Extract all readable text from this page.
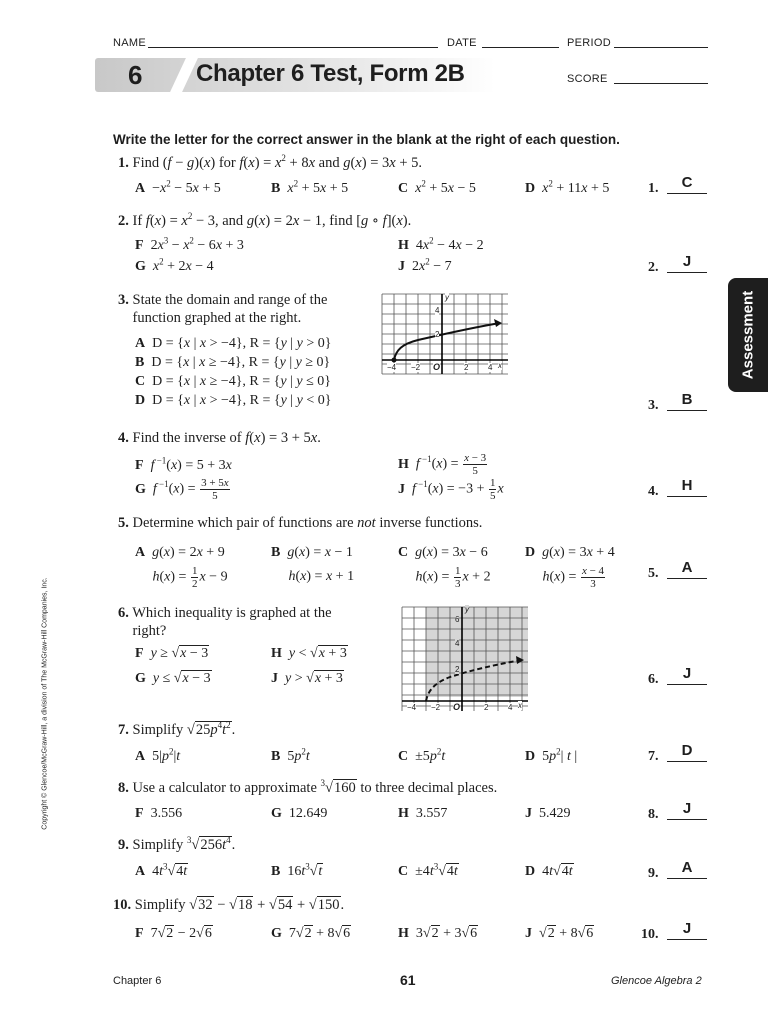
NAME	DATE	PERIOD
6 Chapter 6 Test, Form 2B	SCORE
Assessment
Copyright © Glencoe/McGraw-Hill, a division of The McGraw-Hill Companies, Inc.
Write the letter for the correct answer in the blank at the right of each question.
1. Find (f − g)(x) for $f(x) = x^2 + 8x$ and g(x) = 3x + 5.
$A -x^2 - 5x + 5$	B $x^2 + 5x + 5$	C $x^2 + 5x - 5$	D $x^2 + 11x + 5$
2. If $f(x) = x^2 - 3$, and g(x) = 2x − 1, find [g ∘ f](x).
F $2x^3 - x^2 - 6x + 3$	H $4x^2 - 4x - 2$
G $x^2 + 2x - 4$	J $2x^2 - 7$
3. State the domain and range of the
function graphed at the right.
A D = {x | x > −4}, R = {y | y > 0}
B D = {x | x ≥ −4}, R = {y | y ≥ 0}
C D = {x | x ≥ −4}, R = {y | y ≤ 0}
D D = {x | x > −4}, R = {y | y < 0}
−4 −2 O	2 4 x
2
4
y
4. Find the inverse of f(x) = 3 + 5x.
F f $^{-1}$(x) = 5 + 3x	H f $^{-1}(x) = \frac{x - 3}{5}$
G f $^{-1}(x) = \frac{3 + 5x}{5}$	J f $^{-1}(x) = -3 + \frac{1}{5}$ x
5. Determine which pair of functions are not inverse functions.
A g(x) = 2x + 9
$h(x) = \frac{1}{2}$ x − 9
B g(x) = x − 1
h(x) = x + 1
C g(x) = 3x − 6
$h(x) = \frac{1}{3}$ x + 2
D g(x) = 3x + 4
$h(x) = \frac{x - 4}{3}$
6. Which inequality is graphed at the
right?
F y ≥ √x − 3	H y < √x + 3
G y ≤ √x − 3	J y > √x + 3
−4 −2 O	2 4 x
2
4
6
y
7. Simplify $√25p^4t^2$.
A $5|p^2|t$	B $5p^2t$	$C \pm 5p^2t$	D $5p^2|$ t |
8. Use a calculator to approximate $^3$√160 to three decimal places.
F 3.556	G 12.649	H 3.557	J 5.429
9. Simplify $^3√256t^4$.
A $4t^3√4t$	B $16t^3√t$	$C \pm 4t^3√4t$	D 4t√4t
10. Simplify √32 − √18 + √54 + √150.
F 7√2 − 2√6	G 7√2 + 8√6	H 3√2 + 3√6	J √2 + 8√6
1.	C
2.	J
3.	B
4.	H
5.	A
6.	J
7.	D
8.	J
9.	A
10.	J
Chapter 6	61	Glencoe Algebra 2
